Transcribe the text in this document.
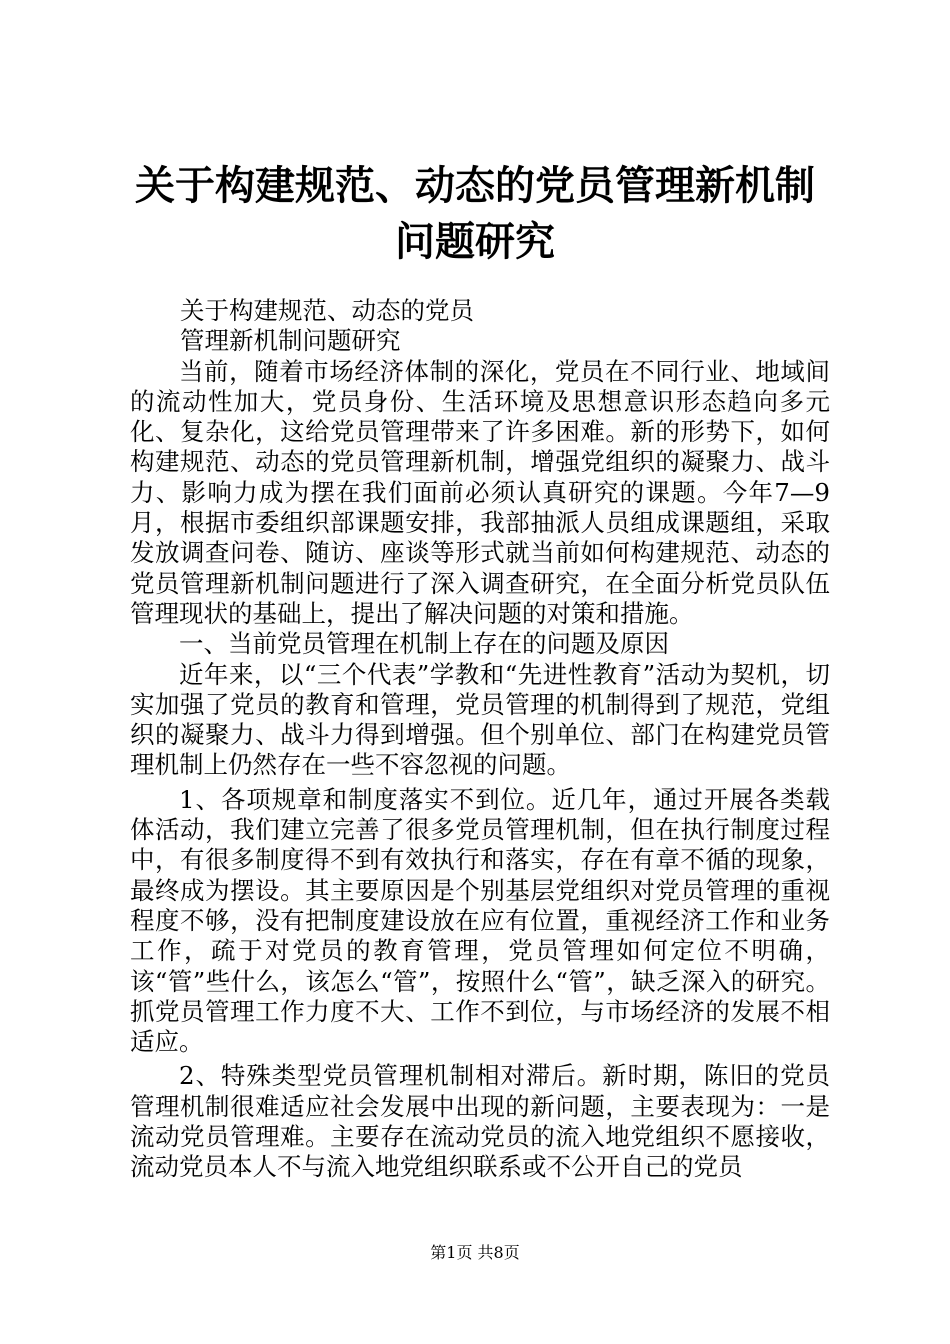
关于构建规范、动态的党员管理新机制问题研究

关于构建规范、动态的党员

管理新机制问题研究

当前，随着市场经济体制的深化，党员在不同行业、地域间的流动性加大，党员身份、生活环境及思想意识形态趋向多元化、复杂化，这给党员管理带来了许多困难。新的形势下，如何构建规范、动态的党员管理新机制，增强党组织的凝聚力、战斗力、影响力成为摆在我们面前必须认真研究的课题。今年7—9月，根据市委组织部课题安排，我部抽派人员组成课题组，采取发放调查问卷、随访、座谈等形式就当前如何构建规范、动态的党员管理新机制问题进行了深入调查研究，在全面分析党员队伍管理现状的基础上，提出了解决问题的对策和措施。

一、当前党员管理在机制上存在的问题及原因

近年来，以“三个代表”学教和“先进性教育”活动为契机，切实加强了党员的教育和管理，党员管理的机制得到了规范，党组织的凝聚力、战斗力得到增强。但个别单位、部门在构建党员管理机制上仍然存在一些不容忽视的问题。

1、各项规章和制度落实不到位。近几年，通过开展各类载体活动，我们建立完善了很多党员管理机制，但在执行制度过程中，有很多制度得不到有效执行和落实，存在有章不循的现象，最终成为摆设。其主要原因是个别基层党组织对党员管理的重视程度不够，没有把制度建设放在应有位置，重视经济工作和业务工作，疏于对党员的教育管理，党员管理如何定位不明确，该“管”些什么，该怎么“管”，按照什么“管”，缺乏深入的研究。抓党员管理工作力度不大、工作不到位，与市场经济的发展不相适应。

2、特殊类型党员管理机制相对滞后。新时期，陈旧的党员管理机制很难适应社会发展中出现的新问题，主要表现为：一是流动党员管理难。主要存在流动党员的流入地党组织不愿接收，流动党员本人不与流入地党组织联系或不公开自己的党员

第1页 共8页
